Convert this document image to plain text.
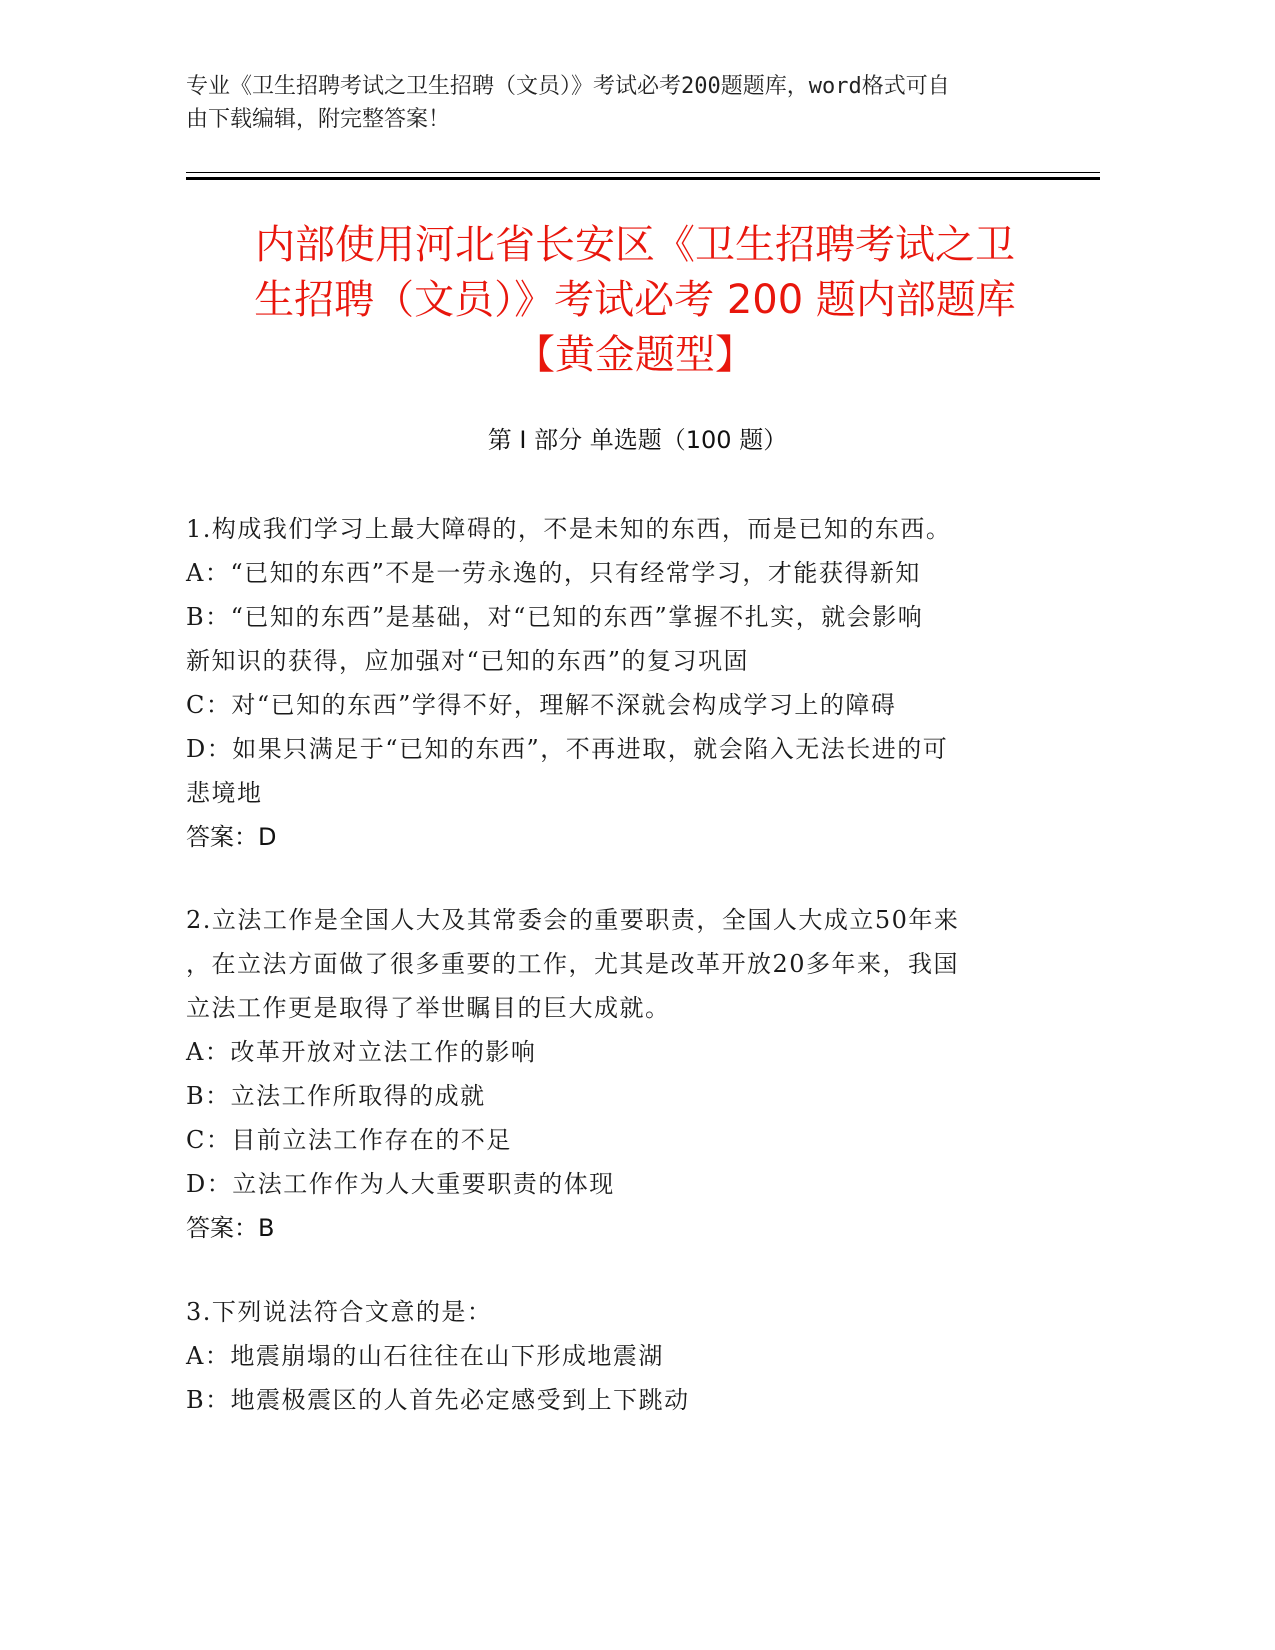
专业《卫生招聘考试之卫生招聘（文员）》考试必考200题题库，word格式可自
由下载编辑，附完整答案！
内部使用河北省长安区《卫生招聘考试之卫
生招聘（文员）》考试必考 200 题内部题库
【黄金题型】
第 I 部分 单选题（100 题）
1.构成我们学习上最大障碍的，不是未知的东西，而是已知的东西。
A：“已知的东西”不是一劳永逸的，只有经常学习，才能获得新知
B：“已知的东西”是基础，对“已知的东西”掌握不扎实，就会影响
新知识的获得，应加强对“已知的东西”的复习巩固
C：对“已知的东西”学得不好，理解不深就会构成学习上的障碍
D：如果只满足于“已知的东西”，不再进取，就会陷入无法长进的可
悲境地
答案：D
2.立法工作是全国人大及其常委会的重要职责，全国人大成立50年来
，在立法方面做了很多重要的工作，尤其是改革开放20多年来，我国
立法工作更是取得了举世瞩目的巨大成就。
A：改革开放对立法工作的影响
B：立法工作所取得的成就
C：目前立法工作存在的不足
D：立法工作作为人大重要职责的体现
答案：B
3.下列说法符合文意的是：
A：地震崩塌的山石往往在山下形成地震湖
B：地震极震区的人首先必定感受到上下跳动
